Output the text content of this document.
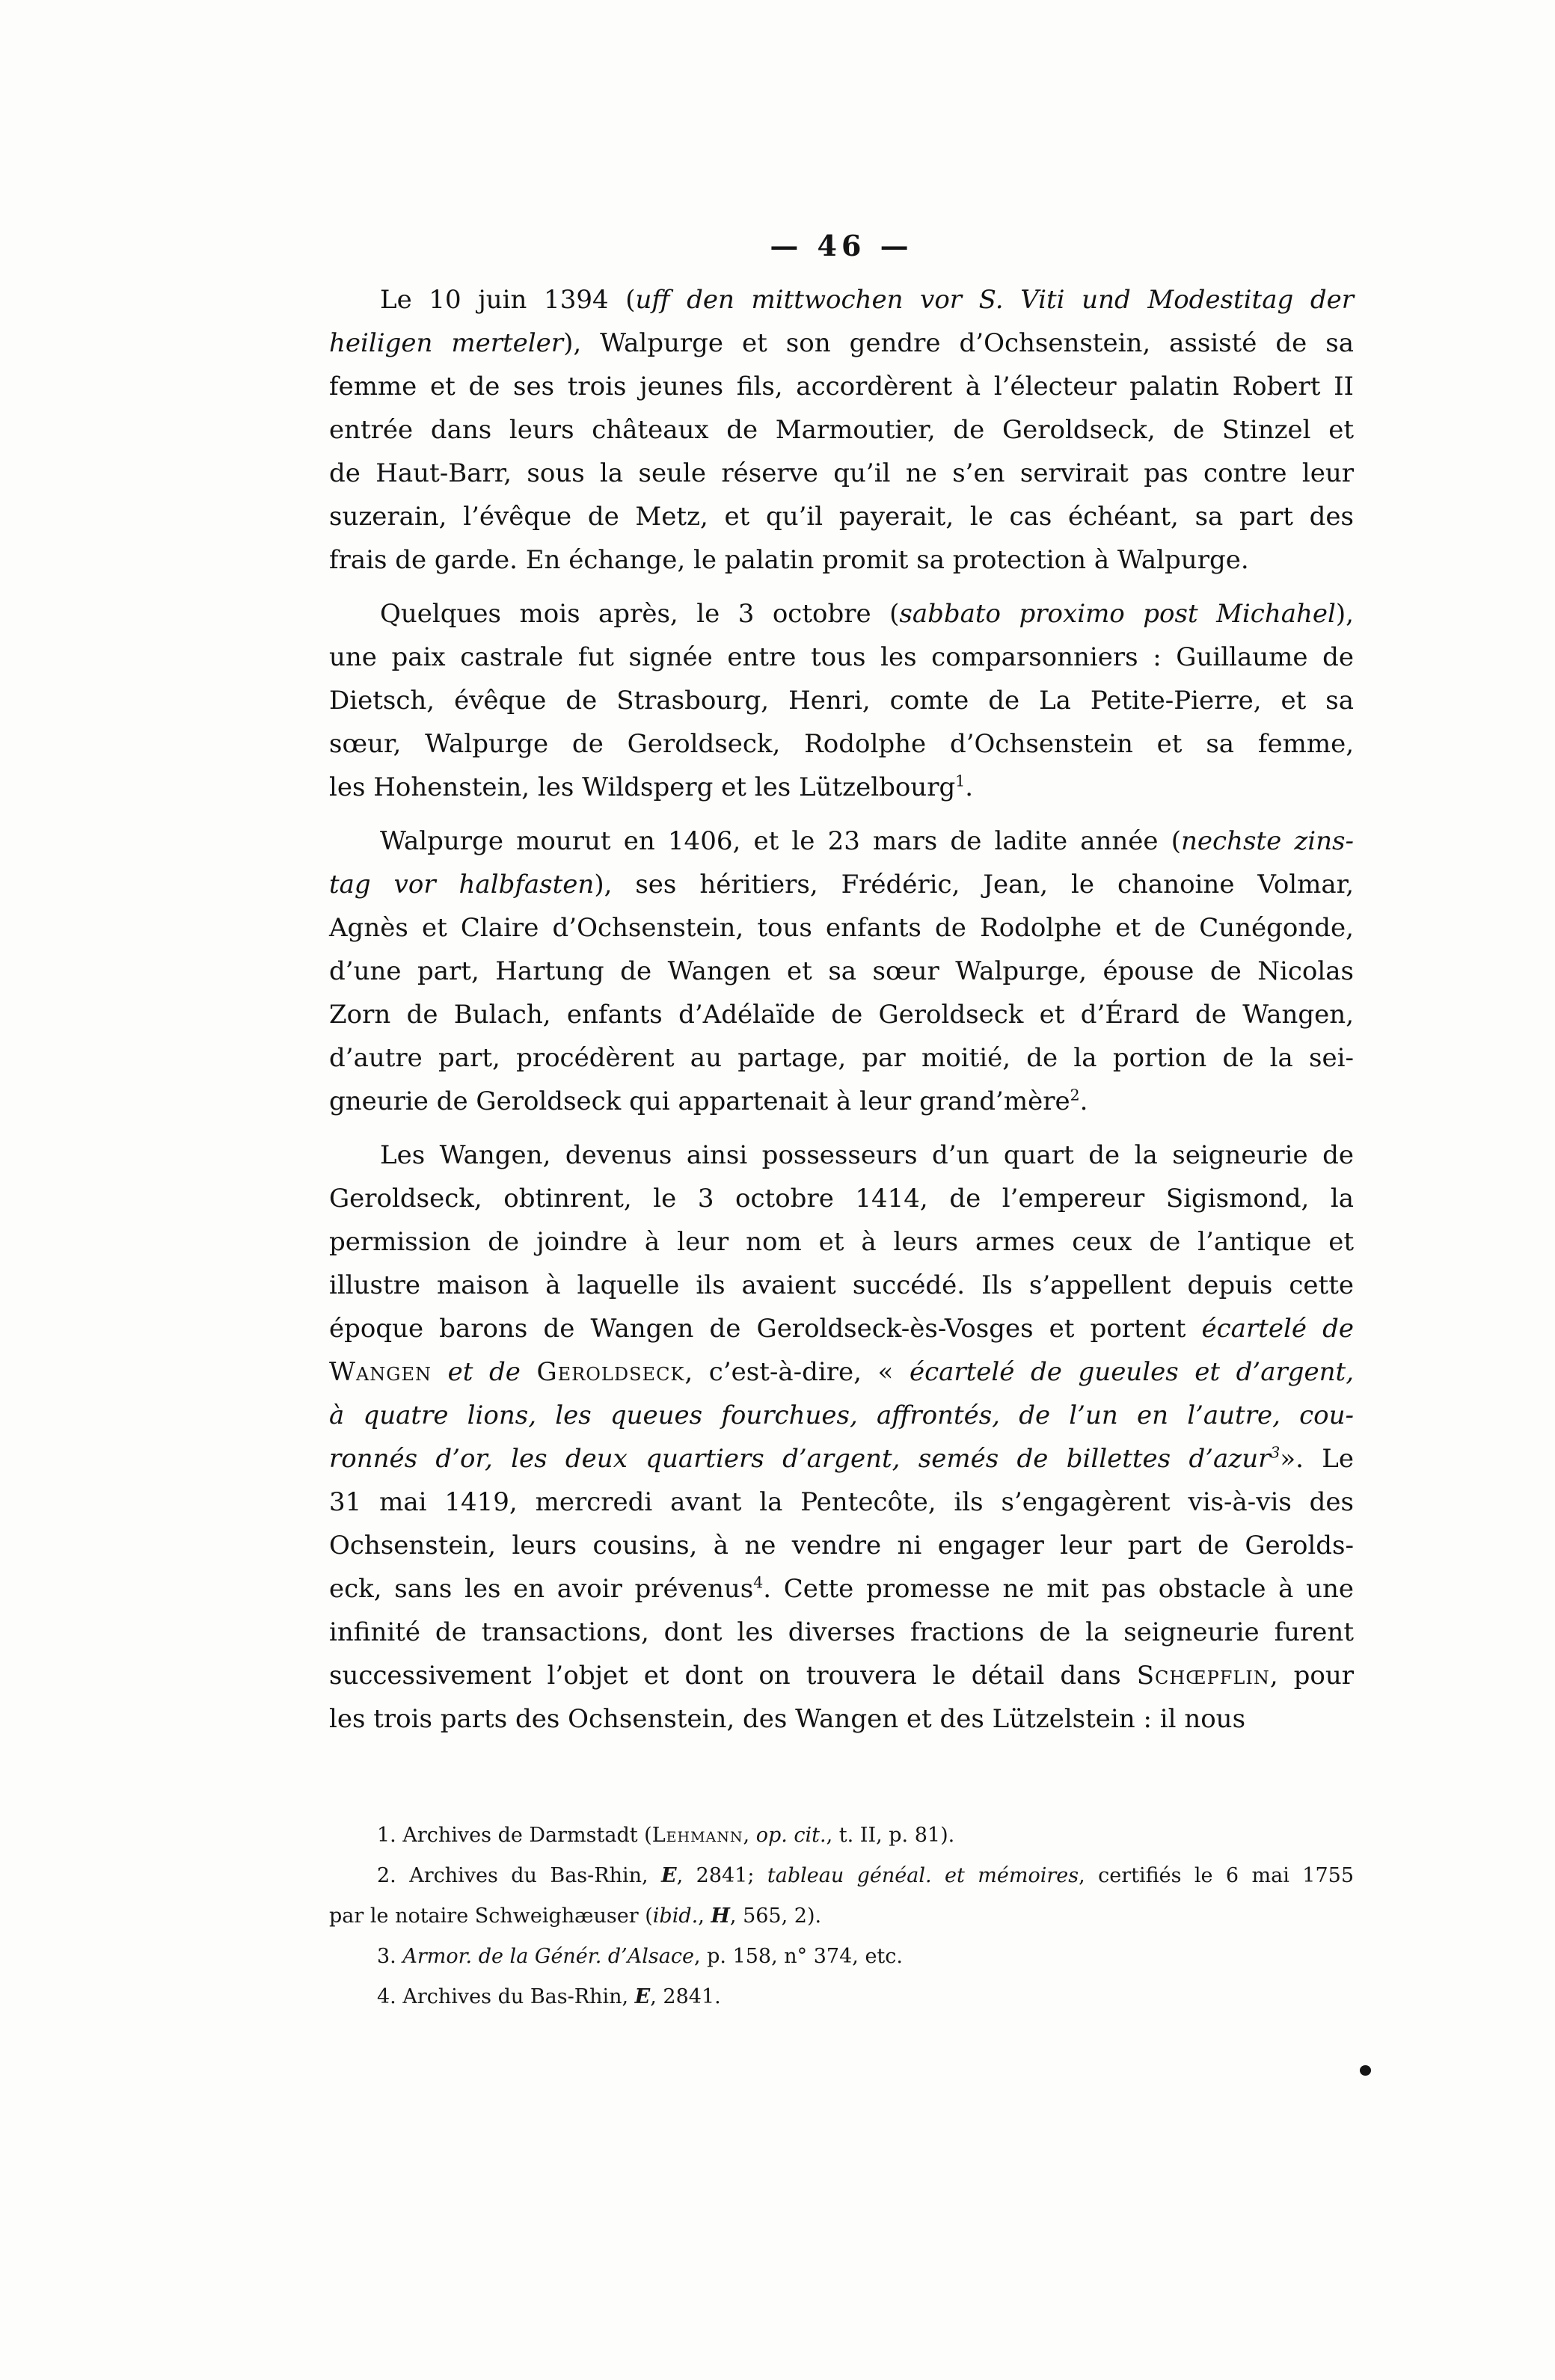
— 46 —
Le 10 juin 1394 (uff den mittwochen vor S. Viti und Modestitag der
heiligen merteler), Walpurge et son gendre d’Ochsenstein, assisté de sa
femme et de ses trois jeunes fils, accordèrent à l’électeur palatin Robert II
entrée dans leurs châteaux de Marmoutier, de Geroldseck, de Stinzel et
de Haut-Barr, sous la seule réserve qu’il ne s’en servirait pas contre leur
suzerain, l’évêque de Metz, et qu’il payerait, le cas échéant, sa part des
frais de garde. En échange, le palatin promit sa protection à Walpurge.
Quelques mois après, le 3 octobre (sabbato proximo post Michahel),
une paix castrale fut signée entre tous les comparsonniers : Guillaume de
Dietsch, évêque de Strasbourg, Henri, comte de La Petite-Pierre, et sa
sœur, Walpurge de Geroldseck, Rodolphe d’Ochsenstein et sa femme,
les Hohenstein, les Wildsperg et les Lützelbourg$^1$.
Walpurge mourut en 1406, et le 23 mars de ladite année (nechste zins-
tag vor halbfasten), ses héritiers, Frédéric, Jean, le chanoine Volmar,
Agnès et Claire d’Ochsenstein, tous enfants de Rodolphe et de Cunégonde,
d’une part, Hartung de Wangen et sa sœur Walpurge, épouse de Nicolas
Zorn de Bulach, enfants d’Adélaïde de Geroldseck et d’Érard de Wangen,
d’autre part, procédèrent au partage, par moitié, de la portion de la sei-
gneurie de Geroldseck qui appartenait à leur grand’mère$^2$.
Les Wangen, devenus ainsi possesseurs d’un quart de la seigneurie de
Geroldseck, obtinrent, le 3 octobre 1414, de l’empereur Sigismond, la
permission de joindre à leur nom et à leurs armes ceux de l’antique et
illustre maison à laquelle ils avaient succédé. Ils s’appellent depuis cette
époque barons de Wangen de Geroldseck-ès-Vosges et portent écartelé de
Wangen et de Geroldseck, c’est-à-dire, « écartelé de gueules et d’argent,
à quatre lions, les queues fourchues, affrontés, de l’un en l’autre, cou-
ronnés d’or, les deux quartiers d’argent, semés de billettes d’azur$^3$». Le
31 mai 1419, mercredi avant la Pentecôte, ils s’engagèrent vis-à-vis des
Ochsenstein, leurs cousins, à ne vendre ni engager leur part de Gerolds-
eck, sans les en avoir prévenus$^4$. Cette promesse ne mit pas obstacle à une
infinité de transactions, dont les diverses fractions de la seigneurie furent
successivement l’objet et dont on trouvera le détail dans Schœpflin, pour
les trois parts des Ochsenstein, des Wangen et des Lützelstein : il nous
1. Archives de Darmstadt (Lehmann, op. cit., t. II, p. 81).
2. Archives du Bas-Rhin, E, 2841; tableau généal. et mémoires, certifiés le 6 mai 1755
par le notaire Schweighæuser (ibid., H, 565, 2).
3. Armor. de la Génér. d’Alsace, p. 158, n° 374, etc.
4. Archives du Bas-Rhin, E, 2841.
